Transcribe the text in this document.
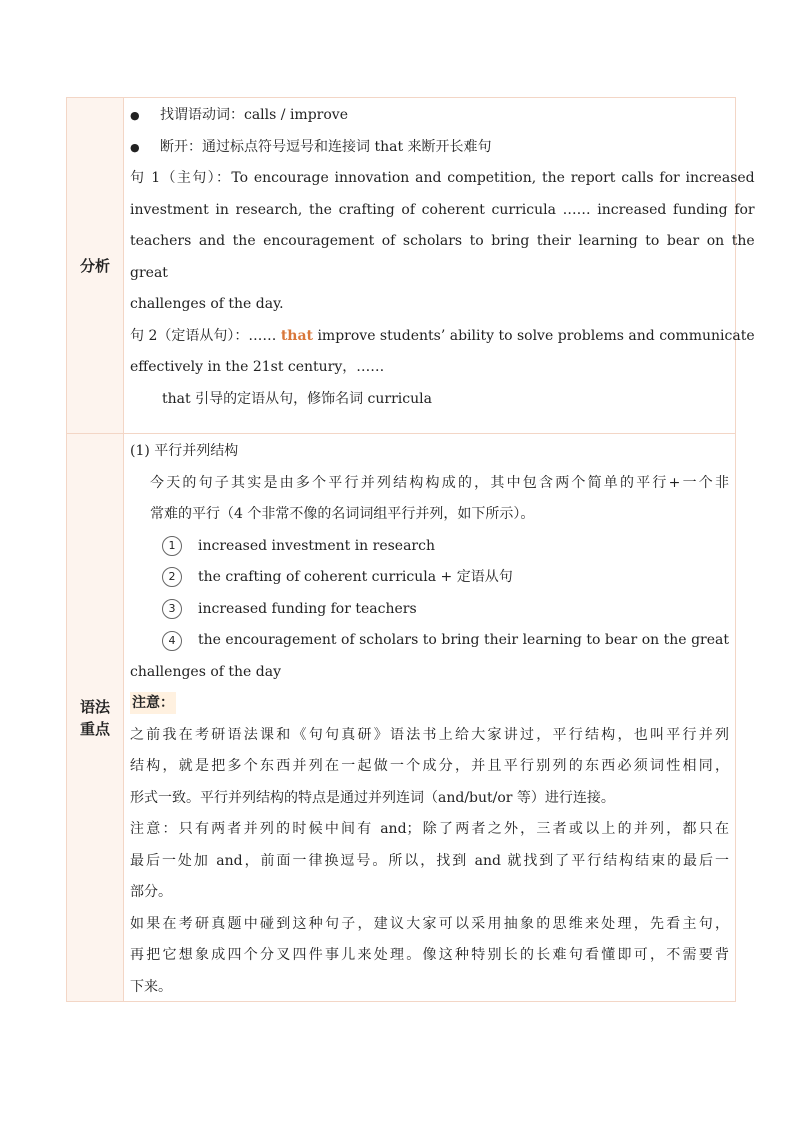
分析
●找谓语动词：calls / improve
●断开：通过标点符号逗号和连接词 that 来断开长难句
句 1（主句）：To encourage innovation and competition, the report calls for increased
investment in research, the crafting of coherent curricula …… increased funding for
teachers and the encouragement of scholars to bring their learning to bear on the great
challenges of the day.
句 2（定语从句）：…… that improve students’ ability to solve problems and communicate
effectively in the 21st century，……
that 引导的定语从句，修饰名词 curricula
语法
重点
(1) 平行并列结构
今天的句子其实是由多个平行并列结构构成的，其中包含两个简单的平行+一个非
常难的平行（4 个非常不像的名词词组平行并列，如下所示）。
1 increased investment in research
2 the crafting of coherent curricula + 定语从句
3 increased funding for teachers
4	the encouragement of scholars to bring their learning to bear on the great
challenges of the day
注意：
之前我在考研语法课和《句句真研》语法书上给大家讲过，平行结构，也叫平行并列
结构，就是把多个东西并列在一起做一个成分，并且平行别列的东西必须词性相同，
形式一致。平行并列结构的特点是通过并列连词（and/but/or 等）进行连接。
注意：只有两者并列的时候中间有 and；除了两者之外，三者或以上的并列，都只在
最后一处加 and，前面一律换逗号。所以，找到 and 就找到了平行结构结束的最后一
部分。
如果在考研真题中碰到这种句子，建议大家可以采用抽象的思维来处理，先看主句，
再把它想象成四个分叉四件事儿来处理。像这种特别长的长难句看懂即可，不需要背
下来。
